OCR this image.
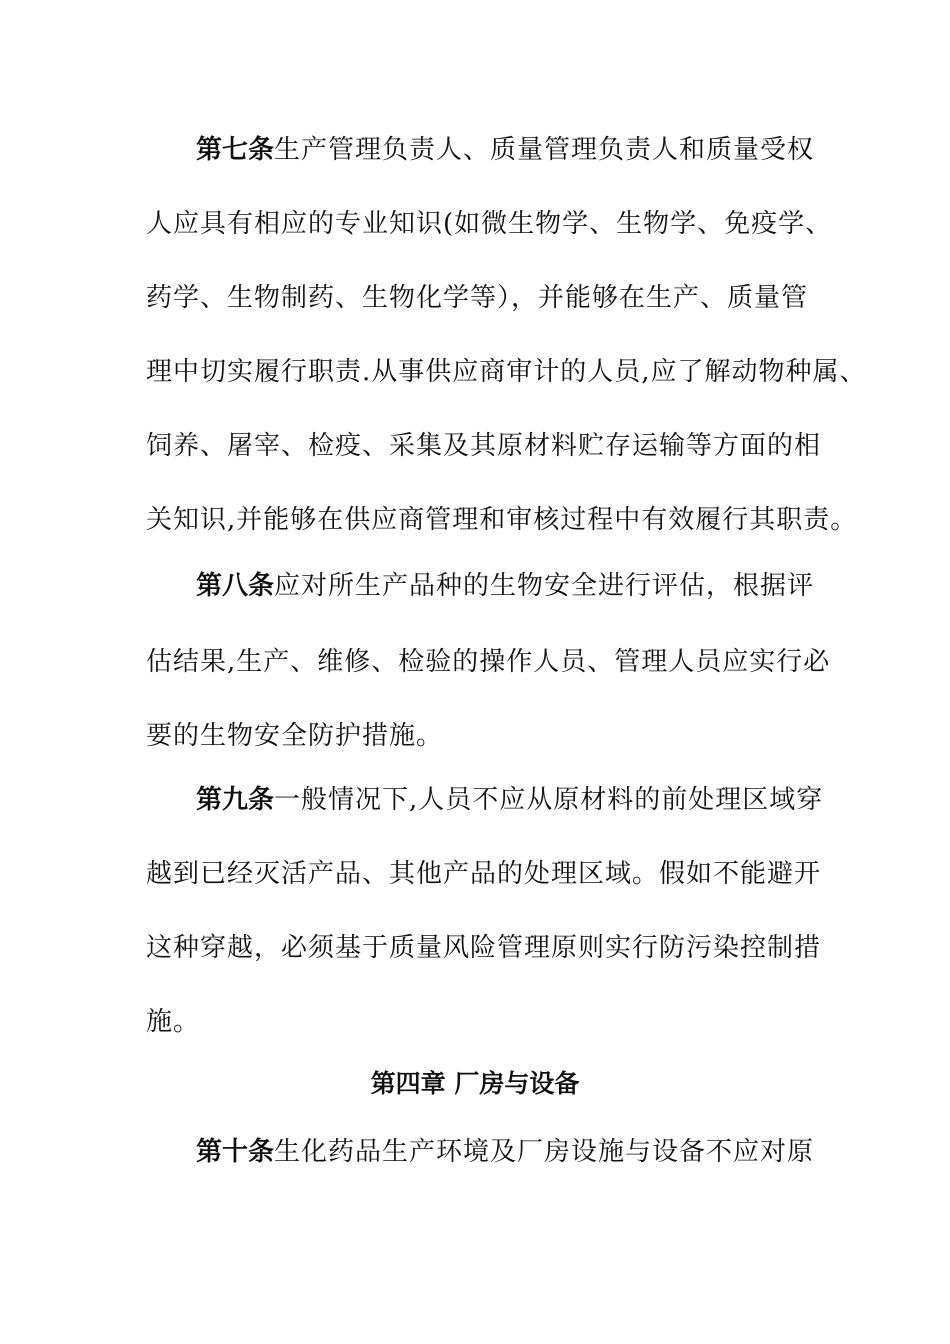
第七条生产管理负责人、质量管理负责人和质量受权
人应具有相应的专业知识(如微生物学、生物学、免疫学、
药学、生物制药、生物化学等），并能够在生产、质量管
理中切实履行职责.从事供应商审计的人员,应了解动物种属、
饲养、屠宰、检疫、采集及其原材料贮存运输等方面的相
关知识,并能够在供应商管理和审核过程中有效履行其职责。
第八条应对所生产品种的生物安全进行评估，根据评
估结果,生产、维修、检验的操作人员、管理人员应实行必
要的生物安全防护措施。
第九条一般情况下,人员不应从原材料的前处理区域穿
越到已经灭活产品、其他产品的处理区域。假如不能避开
这种穿越，必须基于质量风险管理原则实行防污染控制措
施。
第四章 厂房与设备
第十条生化药品生产环境及厂房设施与设备不应对原
